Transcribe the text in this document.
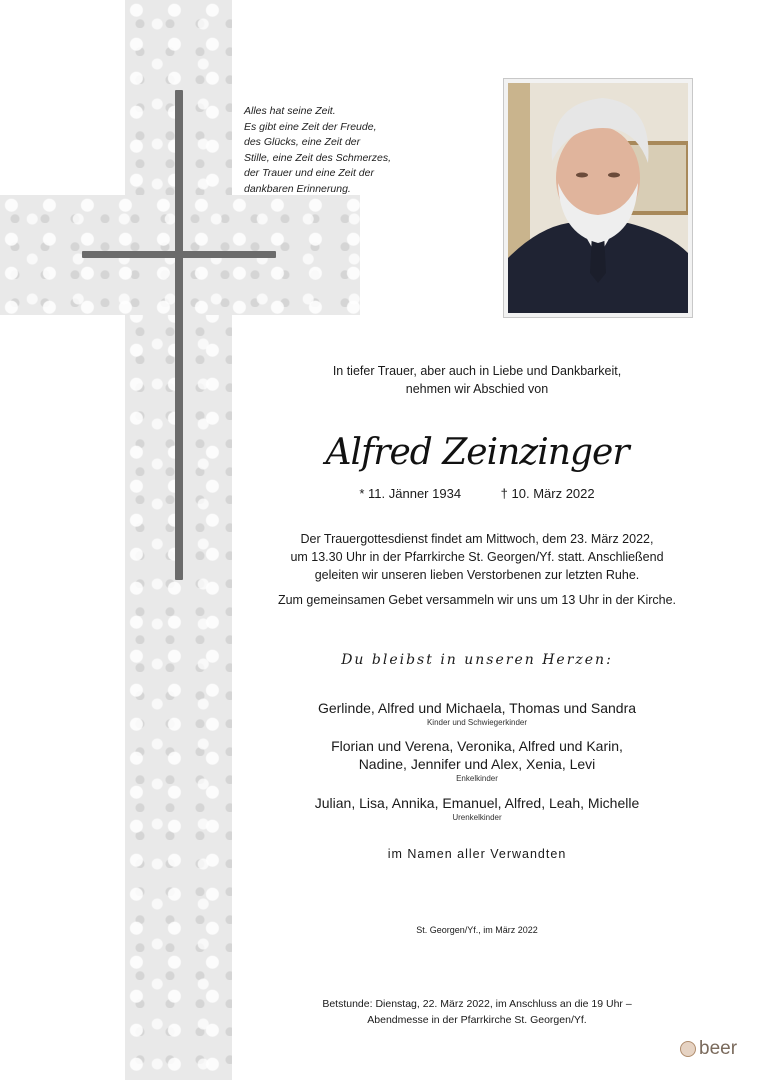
Alles hat seine Zeit.
Es gibt eine Zeit der Freude,
des Glücks, eine Zeit der
Stille, eine Zeit des Schmerzes,
der Trauer und eine Zeit der
dankbaren Erinnerung.

In tiefer Trauer, aber auch in Liebe und Dankbarkeit,
nehmen wir Abschied von
Alfred Zeinzinger
* 11. Jänner 1934	† 10. März 2022
Der Trauergottesdienst findet am Mittwoch, dem 23. März 2022,
um 13.30 Uhr in der Pfarrkirche St. Georgen/Yf. statt. Anschließend
geleiten wir unseren lieben Verstorbenen zur letzten Ruhe.
Zum gemeinsamen Gebet versammeln wir uns um 13 Uhr in der Kirche.
Du bleibst in unseren Herzen:
Gerlinde, Alfred und Michaela, Thomas und Sandra
Kinder und Schwiegerkinder
Florian und Verena, Veronika, Alfred und Karin,
Nadine, Jennifer und Alex, Xenia, Levi
Enkelkinder
Julian, Lisa, Annika, Emanuel, Alfred, Leah, Michelle
Urenkelkinder
im Namen aller Verwandten
St. Georgen/Yf., im März 2022
Betstunde: Dienstag, 22. März 2022, im Anschluss an die 19 Uhr –
Abendmesse in der Pfarrkirche St. Georgen/Yf.
beer
